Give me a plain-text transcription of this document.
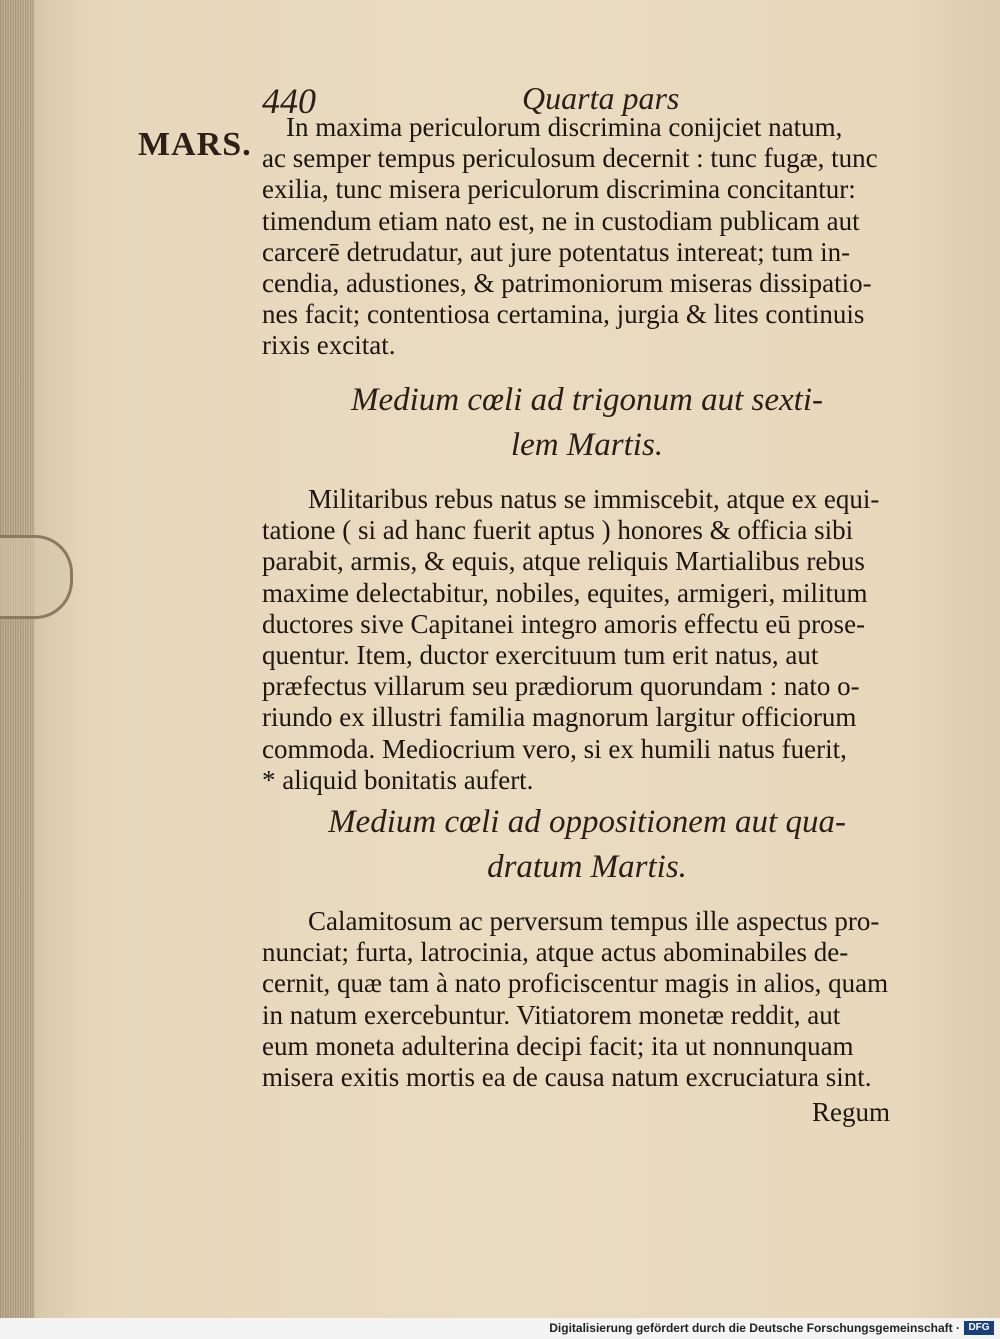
440	Quarta pars
MARS.	In maxima periculorum discrimina conijciet natum,
ac semper tempus periculosum decernit : tunc fugæ, tunc
exilia, tunc misera periculorum discrimina concitantur:
timendum etiam nato est, ne in custodiam publicam aut
carcerē detrudatur, aut jure potentatus intereat; tum in-
cendia, adustiones, & patrimoniorum miseras dissipatio-
nes facit; contentiosa certamina, jurgia & lites continuis
rixis excitat.
Medium cœli ad trigonum aut sexti-
lem Martis.
Militaribus rebus natus se immiscebit, atque ex equi-
tatione ( si ad hanc fuerit aptus ) honores & officia sibi
parabit, armis, & equis, atque reliquis Martialibus rebus
maxime delectabitur, nobiles, equites, armigeri, militum
ductores sive Capitanei integro amoris effectu eū prose-
quentur. Item, ductor exercituum tum erit natus, aut
præfectus villarum seu prædiorum quorundam : nato o-
riundo ex illustri familia magnorum largitur officiorum
commoda. Mediocrium vero, si ex humili natus fuerit,
* aliquid bonitatis aufert.
Medium cœli ad oppositionem aut qua-
dratum Martis.
Calamitosum ac perversum tempus ille aspectus pro-
nunciat; furta, latrocinia, atque actus abominabiles de-
cernit, quæ tam à nato proficiscentur magis in alios, quam
in natum exercebuntur. Vitiatorem monetæ reddit, aut
eum moneta adulterina decipi facit; ita ut nonnunquam
misera exitis mortis ea de causa natum excruciatura sint.
Regum
Digitalisierung gefördert durch die Deutsche Forschungsgemeinschaft · DFG
